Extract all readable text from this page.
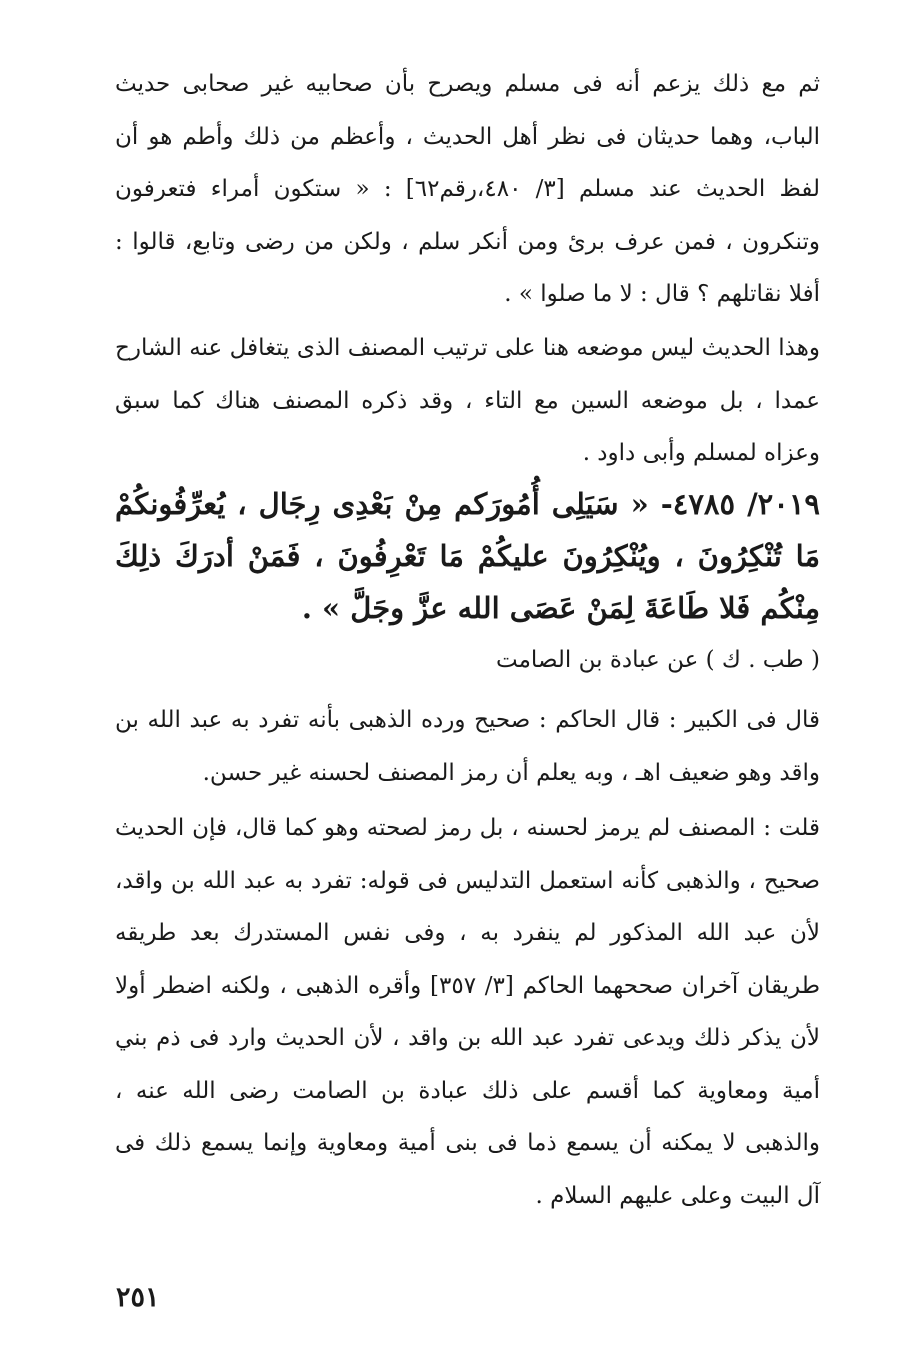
ثم مع ذلك يزعم أنه فى مسلم ويصرح بأن صحابيه غير صحابى حديث الباب، وهما حديثان فى نظر أهل الحديث ، وأعظم من ذلك وأطم هو أن لفظ الحديث عند مسلم [٣/ ٤٨٠،رقم٦٢] : « ستكون أمراء فتعرفون وتنكرون ، فمن عرف برئ ومن أنكر سلم ، ولكن من رضى وتابع، قالوا : أفلا نقاتلهم ؟ قال : لا ما صلوا » .

وهذا الحديث ليس موضعه هنا على ترتيب المصنف الذى يتغافل عنه الشارح عمدا ، بل موضعه السين مع التاء ، وقد ذكره المصنف هناك كما سبق وعزاه لمسلم وأبى داود .

٢٠١٩/ ٤٧٨٥- « سَيَلِى أُمُورَكم مِنْ بَعْدِى رِجَال ، يُعرِّفُونكُمْ مَا تُنْكِرُونَ ، ويُنْكِرُونَ عليكُمْ مَا تَعْرِفُونَ ، فَمَنْ أدرَكَ ذلِكَ مِنْكُم فَلا طَاعَةَ لِمَنْ عَصَى الله عزَّ وجَلَّ » .

( طب . ك ) عن عبادة بن الصامت

قال فى الكبير : قال الحاكم : صحيح ورده الذهبى بأنه تفرد به عبد الله بن واقد وهو ضعيف اهـ ، وبه يعلم أن رمز المصنف لحسنه غير حسن.

قلت : المصنف لم يرمز لحسنه ، بل رمز لصحته وهو كما قال، فإن الحديث صحيح ، والذهبى كأنه استعمل التدليس فى قوله: تفرد به عبد الله بن واقد، لأن عبد الله المذكور لم ينفرد به ، وفى نفس المستدرك بعد طريقه طريقان آخران صححهما الحاكم [٣/ ٣٥٧] وأقره الذهبى ، ولكنه اضطر أولا لأن يذكر ذلك ويدعى تفرد عبد الله بن واقد ، لأن الحديث وارد فى ذم بني أمية ومعاوية كما أقسم على ذلك عبادة بن الصامت رضى الله عنه ، والذهبى لا يمكنه أن يسمع ذما فى بنى أمية ومعاوية وإنما يسمع ذلك فى آل البيت وعلى عليهم السلام .

٢٥١
